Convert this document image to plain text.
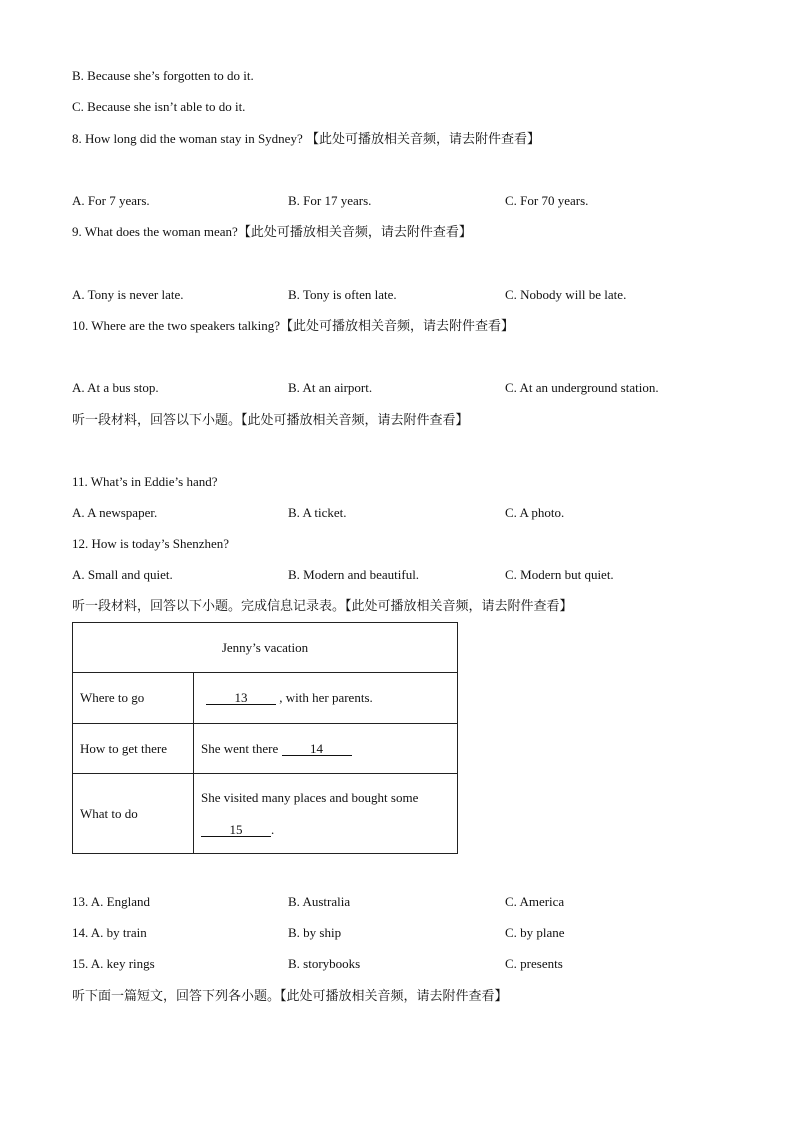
B. Because she’s forgotten to do it.
C. Because she isn’t able to do it.
8. How long did the woman stay in Sydney? 【此处可播放相关音频，请去附件查看】
A. For 7 years.	B. For 17 years.	C. For 70 years.
9. What does the woman mean?【此处可播放相关音频，请去附件查看】
A. Tony is never late.	B. Tony is often late.	C. Nobody will be late.
10. Where are the two speakers talking?【此处可播放相关音频，请去附件查看】
A. At a bus stop.	B. At an airport.	C. At an underground station.
听一段材料，回答以下小题。【此处可播放相关音频，请去附件查看】
11. What’s in Eddie’s hand?
A. A newspaper.	B. A ticket.	C. A photo.
12. How is today’s Shenzhen?
A. Small and quiet.	B. Modern and beautiful.	C. Modern but quiet.
听一段材料，回答以下小题。完成信息记录表。【此处可播放相关音频，请去附件查看】
Jenny’s vacation	
Where to go	13 , with her parents.
How to get there	She went there 14
What to do	She visited many places and bought some
15 .
13. A. England	B. Australia	C. America
14. A. by train	B. by ship	C. by plane
15. A. key rings	B. storybooks	C. presents
听下面一篇短文，回答下列各小题。【此处可播放相关音频，请去附件查看】
